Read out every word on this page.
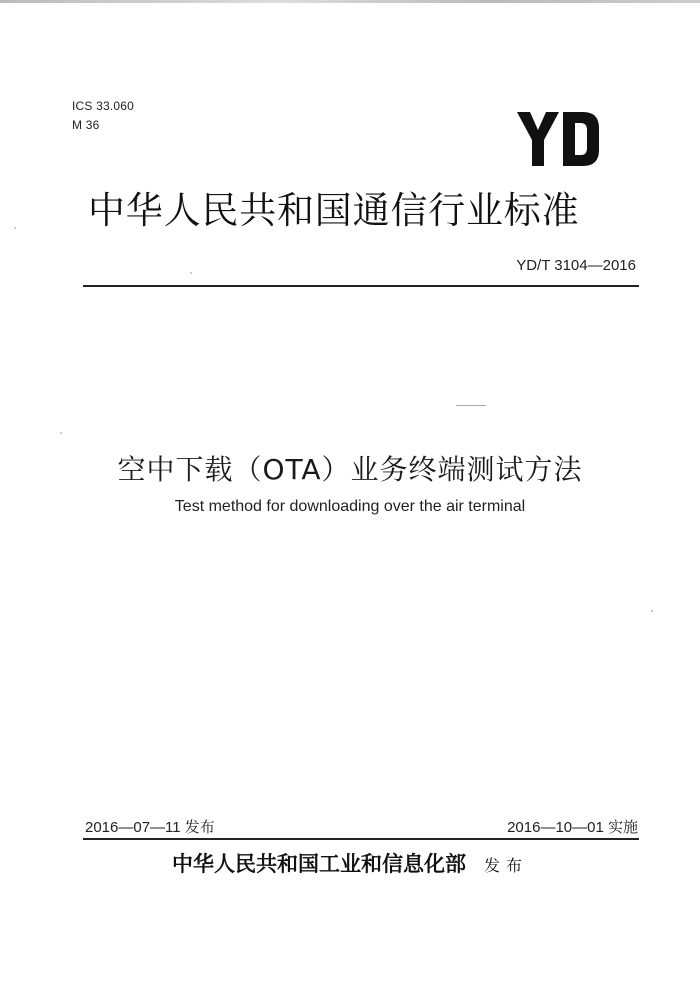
ICS 33.060
M 36
中华人民共和国通信行业标准
YD/T 3104—2016
空中下载（OTA）业务终端测试方法
Test method for downloading over the air terminal
2016—07—11 发布	2016—10—01 实施
中华人民共和国工业和信息化部 发布
